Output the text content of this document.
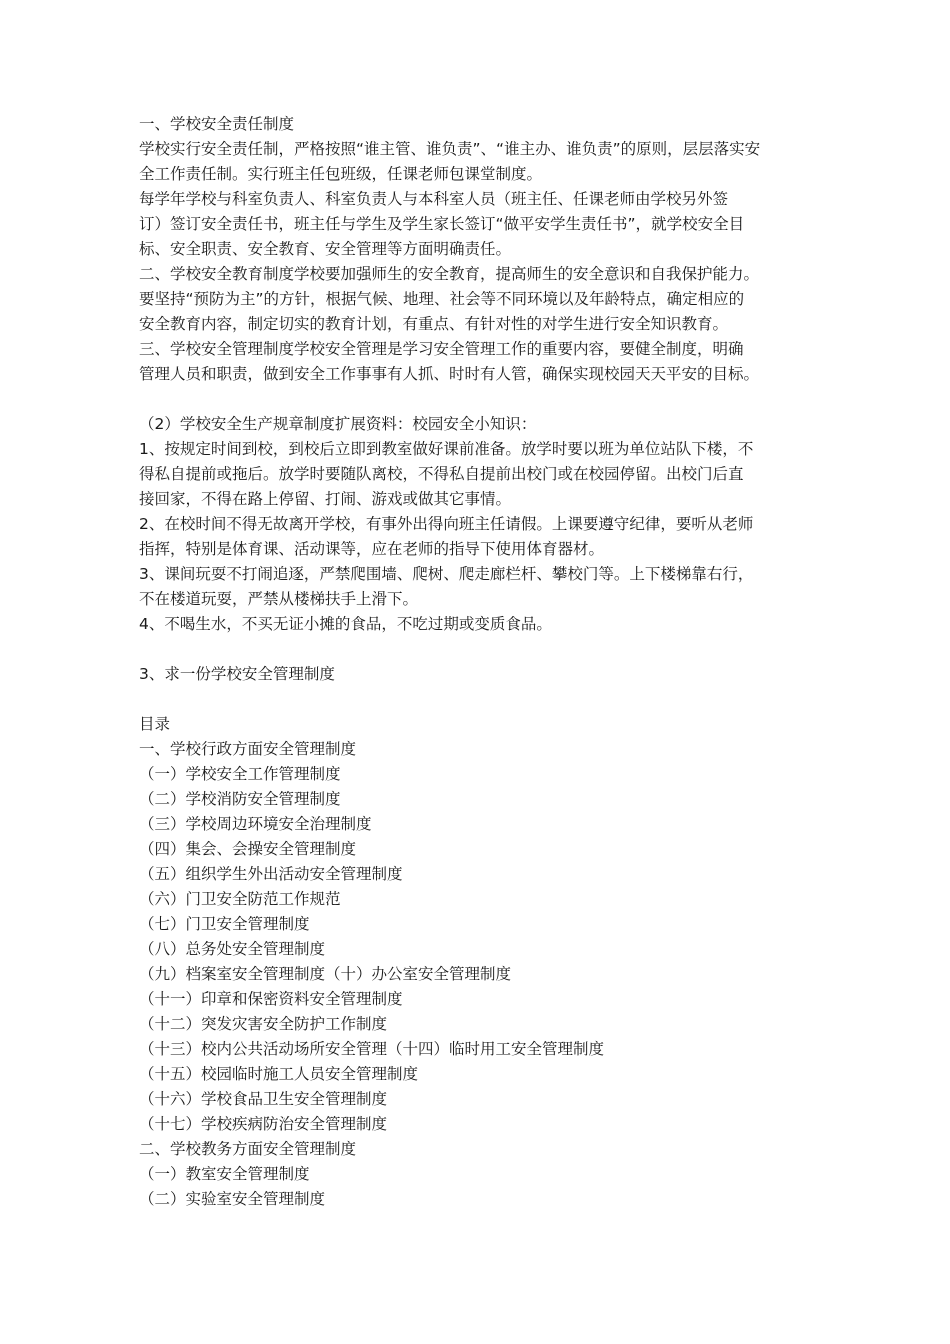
一、学校安全责任制度
学校实行安全责任制，严格按照“谁主管、谁负责”、“谁主办、谁负责”的原则，层层落实安
全工作责任制。实行班主任包班级，任课老师包课堂制度。
每学年学校与科室负责人、科室负责人与本科室人员（班主任、任课老师由学校另外签
订）签订安全责任书，班主任与学生及学生家长签订“做平安学生责任书”，就学校安全目
标、安全职责、安全教育、安全管理等方面明确责任。
二、学校安全教育制度学校要加强师生的安全教育，提高师生的安全意识和自我保护能力。
要坚持“预防为主”的方针，根据气候、地理、社会等不同环境以及年龄特点，确定相应的
安全教育内容，制定切实的教育计划，有重点、有针对性的对学生进行安全知识教育。
三、学校安全管理制度学校安全管理是学习安全管理工作的重要内容，要健全制度，明确
管理人员和职责，做到安全工作事事有人抓、时时有人管，确保实现校园天天平安的目标。
（2）学校安全生产规章制度扩展资料：校园安全小知识：
1、按规定时间到校，到校后立即到教室做好课前准备。放学时要以班为单位站队下楼，不
得私自提前或拖后。放学时要随队离校，不得私自提前出校门或在校园停留。出校门后直
接回家，不得在路上停留、打闹、游戏或做其它事情。
2、在校时间不得无故离开学校，有事外出得向班主任请假。上课要遵守纪律，要听从老师
指挥，特别是体育课、活动课等，应在老师的指导下使用体育器材。
3、课间玩耍不打闹追逐，严禁爬围墙、爬树、爬走廊栏杆、攀校门等。上下楼梯靠右行，
不在楼道玩耍，严禁从楼梯扶手上滑下。
4、不喝生水，不买无证小摊的食品，不吃过期或变质食品。
3、求一份学校安全管理制度
目录
一、学校行政方面安全管理制度
（一）学校安全工作管理制度
（二）学校消防安全管理制度
（三）学校周边环境安全治理制度
（四）集会、会操安全管理制度
（五）组织学生外出活动安全管理制度
（六）门卫安全防范工作规范
（七）门卫安全管理制度
（八）总务处安全管理制度
（九）档案室安全管理制度（十）办公室安全管理制度
（十一）印章和保密资料安全管理制度
（十二）突发灾害安全防护工作制度
（十三）校内公共活动场所安全管理（十四）临时用工安全管理制度
（十五）校园临时施工人员安全管理制度
（十六）学校食品卫生安全管理制度
（十七）学校疾病防治安全管理制度
二、学校教务方面安全管理制度
（一）教室安全管理制度
（二）实验室安全管理制度
